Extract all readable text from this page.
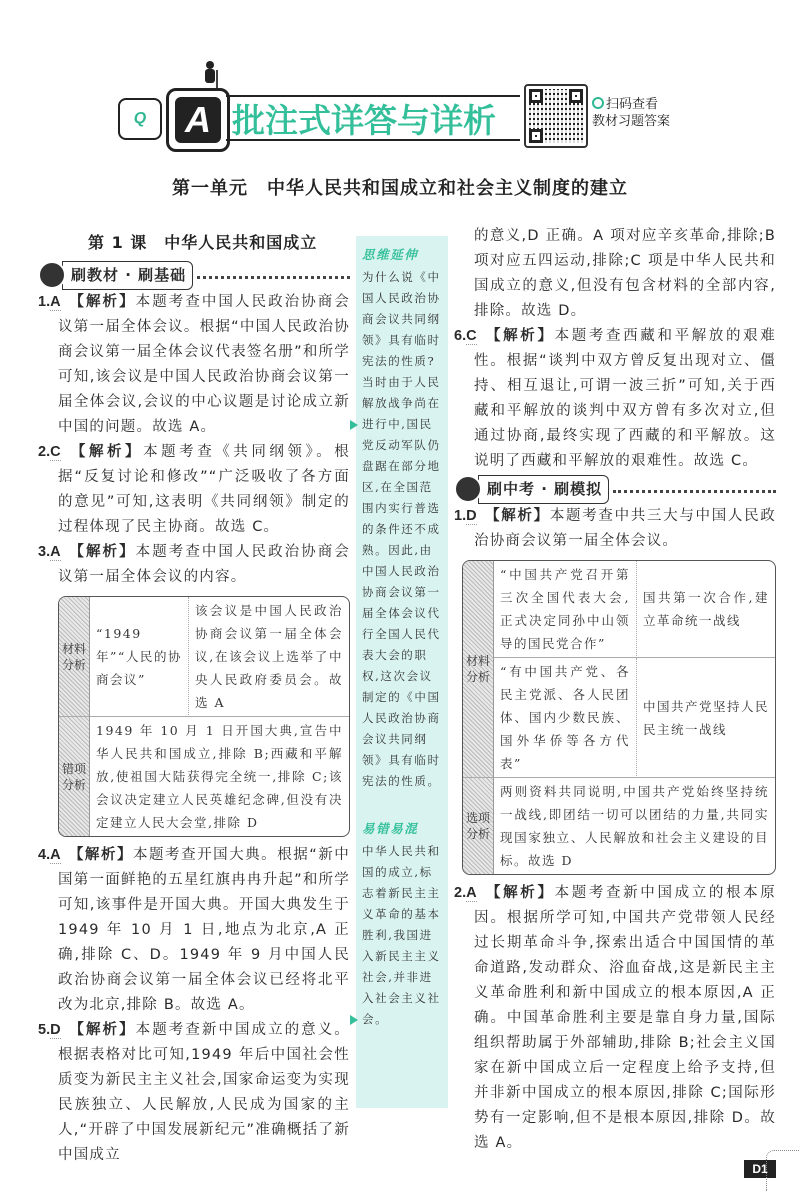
Q A 批注式详答与详析	扫码查看
教材习题答案
第一单元　中华人民共和国成立和社会主义制度的建立
第 1 课　中华人民共和国成立
刷教材 · 刷基础
1.A 【解析】本题考查中国人民政治协商会议第一届全体会议。根据“中国人民政治协商会议第一届全体会议代表签名册”和所学可知,该会议是中国人民政治协商会议第一届全体会议,会议的中心议题是讨论成立新中国的问题。故选 A。
2.C 【解析】本题考查《共同纲领》。根据“反复讨论和修改”“广泛吸收了各方面的意见”可知,这表明《共同纲领》制定的过程体现了民主协商。故选 C。
3.A 【解析】本题考查中国人民政治协商会议第一届全体会议的内容。
材料分析	“1949 年”“人民的协商会议”	该会议是中国人民政治协商会议第一届全体会议,在该会议上选举了中央人民政府委员会。故选 A
错项分析	1949 年 10 月 1 日开国大典,宣告中华人民共和国成立,排除 B;西藏和平解放,使祖国大陆获得完全统一,排除 C;该会议决定建立人民英雄纪念碑,但没有决定建立人民大会堂,排除 D	
4.A 【解析】本题考查开国大典。根据“新中国第一面鲜艳的五星红旗冉冉升起”和所学可知,该事件是开国大典。开国大典发生于 1949 年 10 月 1 日,地点为北京,A 正确,排除 C、D。1949 年 9 月中国人民政治协商会议第一届全体会议已经将北平改为北京,排除 B。故选 A。
5.D 【解析】本题考查新中国成立的意义。根据表格对比可知,1949 年后中国社会性质变为新民主主义社会,国家命运变为实现民族独立、人民解放,人民成为国家的主人,“开辟了中国发展新纪元”准确概括了新中国成立
思维延伸
为什么说《中国人民政治协商会议共同纲领》具有临时宪法的性质?当时由于人民解放战争尚在进行中,国民党反动军队仍盘踞在部分地区,在全国范围内实行普选的条件还不成熟。因此,由中国人民政治协商会议第一届全体会议代行全国人民代表大会的职权,这次会议制定的《中国人民政治协商会议共同纲领》具有临时宪法的性质。
易错易混
中华人民共和国的成立,标志着新民主主义革命的基本胜利,我国进入新民主主义社会,并非进入社会主义社会。
的意义,D 正确。A 项对应辛亥革命,排除;B 项对应五四运动,排除;C 项是中华人民共和国成立的意义,但没有包含材料的全部内容,排除。故选 D。
6.C 【解析】本题考查西藏和平解放的艰难性。根据“谈判中双方曾反复出现对立、僵持、相互退让,可谓一波三折”可知,关于西藏和平解放的谈判中双方曾有多次对立,但通过协商,最终实现了西藏的和平解放。这说明了西藏和平解放的艰难性。故选 C。
刷中考 · 刷模拟
1.D 【解析】本题考查中共三大与中国人民政治协商会议第一届全体会议。
材料分析	“中国共产党召开第三次全国代表大会,正式决定同孙中山领导的国民党合作”	国共第一次合作,建立革命统一战线
	“有中国共产党、各民主党派、各人民团体、国内少数民族、国外华侨等各方代表”	中国共产党坚持人民民主统一战线
选项分析	两则资料共同说明,中国共产党始终坚持统一战线,即团结一切可以团结的力量,共同实现国家独立、人民解放和社会主义建设的目标。故选 D	
2.A 【解析】本题考查新中国成立的根本原因。根据所学可知,中国共产党带领人民经过长期革命斗争,探索出适合中国国情的革命道路,发动群众、浴血奋战,这是新民主主义革命胜利和新中国成立的根本原因,A 正确。中国革命胜利主要是靠自身力量,国际组织帮助属于外部辅助,排除 B;社会主义国家在新中国成立后一定程度上给予支持,但并非新中国成立的根本原因,排除 C;国际形势有一定影响,但不是根本原因,排除 D。故选 A。
D1
